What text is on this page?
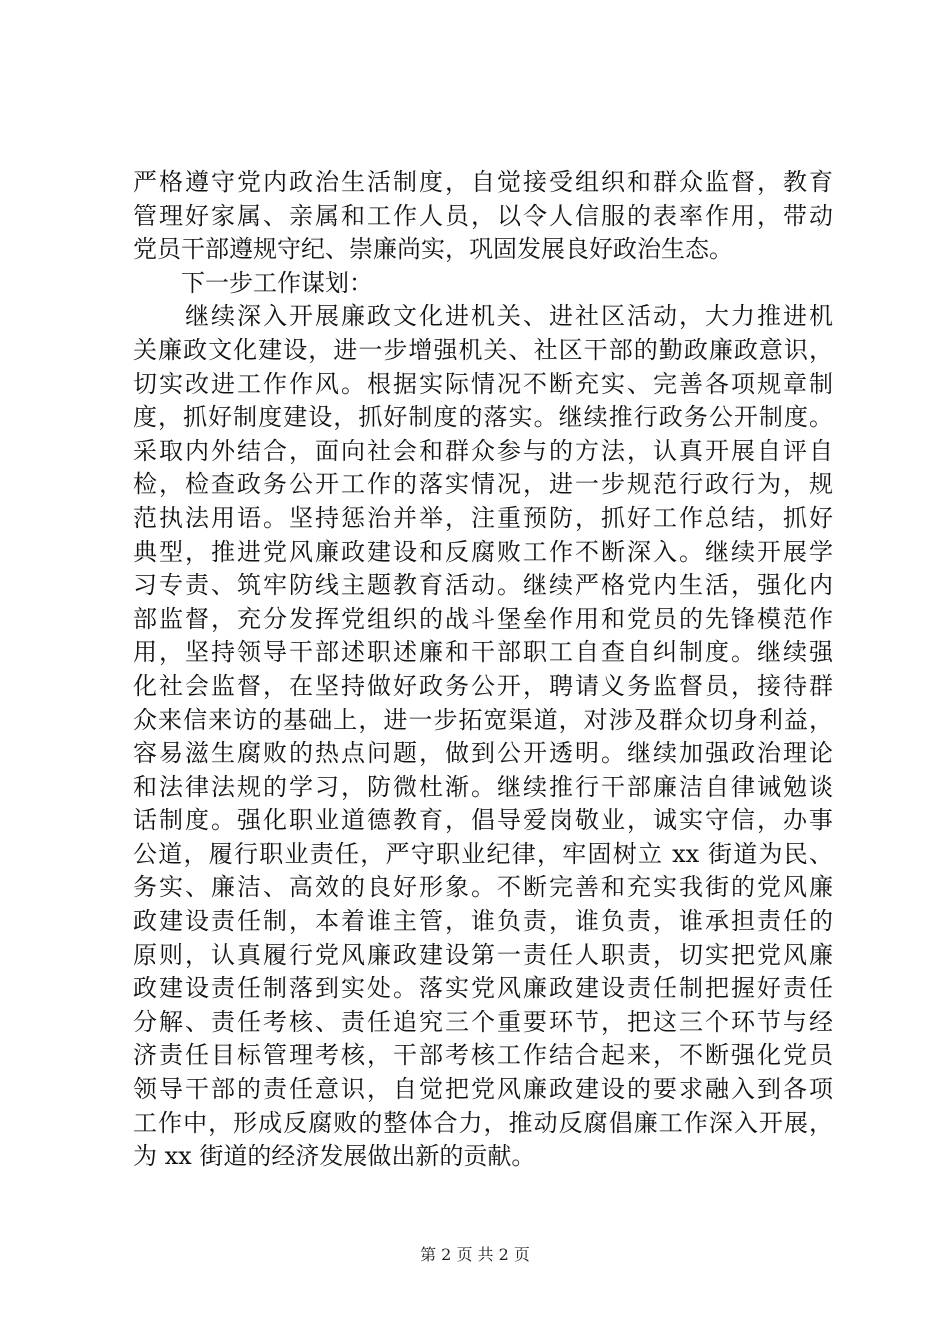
严格遵守党内政治生活制度，自觉接受组织和群众监督，教育
管理好家属、亲属和工作人员，以令人信服的表率作用，带动
党员干部遵规守纪、崇廉尚实，巩固发展良好政治生态。
　　下一步工作谋划：
　　继续深入开展廉政文化进机关、进社区活动，大力推进机
关廉政文化建设，进一步增强机关、社区干部的勤政廉政意识，
切实改进工作作风。根据实际情况不断充实、完善各项规章制
度，抓好制度建设，抓好制度的落实。继续推行政务公开制度。
采取内外结合，面向社会和群众参与的方法，认真开展自评自
检，检查政务公开工作的落实情况，进一步规范行政行为，规
范执法用语。坚持惩治并举，注重预防，抓好工作总结，抓好
典型，推进党风廉政建设和反腐败工作不断深入。继续开展学
习专责、筑牢防线主题教育活动。继续严格党内生活，强化内
部监督，充分发挥党组织的战斗堡垒作用和党员的先锋模范作
用，坚持领导干部述职述廉和干部职工自查自纠制度。继续强
化社会监督，在坚持做好政务公开，聘请义务监督员，接待群
众来信来访的基础上，进一步拓宽渠道，对涉及群众切身利益，
容易滋生腐败的热点问题，做到公开透明。继续加强政治理论
和法律法规的学习，防微杜渐。继续推行干部廉洁自律诫勉谈
话制度。强化职业道德教育，倡导爱岗敬业，诚实守信，办事
公道，履行职业责任，严守职业纪律，牢固树立 xx 街道为民、
务实、廉洁、高效的良好形象。不断完善和充实我街的党风廉
政建设责任制，本着谁主管，谁负责，谁负责，谁承担责任的
原则，认真履行党风廉政建设第一责任人职责，切实把党风廉
政建设责任制落到实处。落实党风廉政建设责任制把握好责任
分解、责任考核、责任追究三个重要环节，把这三个环节与经
济责任目标管理考核，干部考核工作结合起来，不断强化党员
领导干部的责任意识，自觉把党风廉政建设的要求融入到各项
工作中，形成反腐败的整体合力，推动反腐倡廉工作深入开展，
为 xx 街道的经济发展做出新的贡献。
第 2 页 共 2 页
